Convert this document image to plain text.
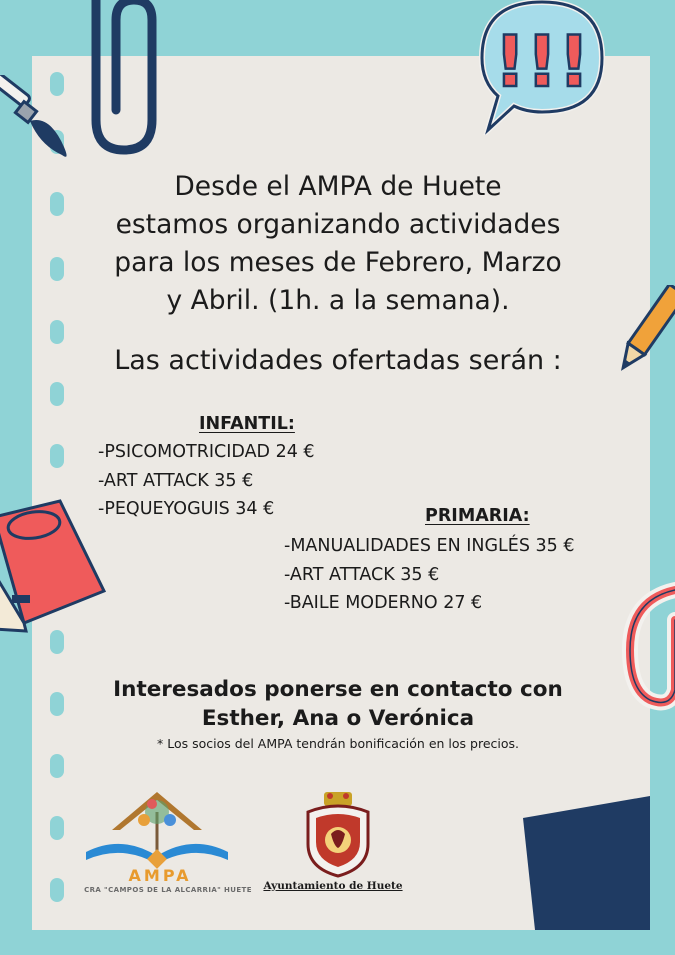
!!!
Desde el AMPA de Huete
estamos organizando actividades
para los meses de Febrero, Marzo
y Abril. (1h. a la semana).
Las actividades ofertadas serán :
INFANTIL:
-PSICOMOTRICIDAD 24 €
-ART ATTACK 35 €
-PEQUEYOGUIS 34 €	PRIMARIA:
-MANUALIDADES EN INGLÉS 35 €
-ART ATTACK 35 €
-BAILE MODERNO 27 €
Interesados ponerse en contacto con
Esther, Ana o Verónica
* Los socios del AMPA tendrán bonificación en los precios.
AMPA
CRA "CAMPOS DE LA ALCARRIA" HUETE	Ayuntamiento de Huete
